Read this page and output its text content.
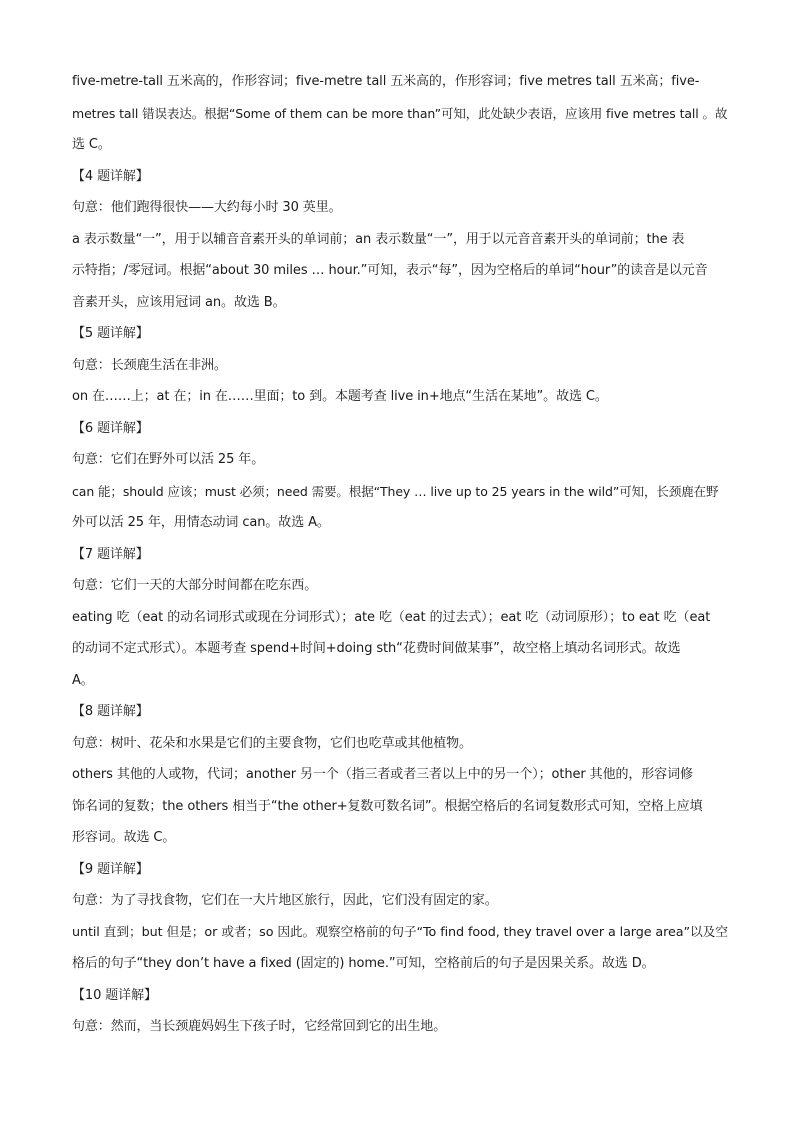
five-metre-tall 五米高的，作形容词；five-metre tall 五米高的，作形容词；five metres tall 五米高；five-
metres tall 错误表达。根据“Some of them can be more than”可知，此处缺少表语，应该用 five metres tall 。故
选 C。
【4 题详解】
句意：他们跑得很快——大约每小时 30 英里。
a 表示数量“一”，用于以辅音音素开头的单词前；an 表示数量“一”，用于以元音音素开头的单词前；the 表
示特指；/零冠词。根据“about 30 miles … hour.”可知，表示“每”，因为空格后的单词“hour”的读音是以元音
音素开头，应该用冠词 an。故选 B。
【5 题详解】
句意：长颈鹿生活在非洲。
on 在……上；at 在；in 在……里面；to 到。本题考查 live in+地点“生活在某地”。故选 C。
【6 题详解】
句意：它们在野外可以活 25 年。
can 能；should 应该；must 必须；need 需要。根据“They … live up to 25 years in the wild”可知，长颈鹿在野
外可以活 25 年，用情态动词 can。故选 A。
【7 题详解】
句意：它们一天的大部分时间都在吃东西。
eating 吃（eat 的动名词形式或现在分词形式）；ate 吃（eat 的过去式）；eat 吃（动词原形）；to eat 吃（eat
的动词不定式形式）。本题考查 spend+时间+doing sth“花费时间做某事”，故空格上填动名词形式。故选
A。
【8 题详解】
句意：树叶、花朵和水果是它们的主要食物，它们也吃草或其他植物。
others 其他的人或物，代词；another 另一个（指三者或者三者以上中的另一个）；other 其他的，形容词修
饰名词的复数；the others 相当于“the other+复数可数名词”。根据空格后的名词复数形式可知，空格上应填
形容词。故选 C。
【9 题详解】
句意：为了寻找食物，它们在一大片地区旅行，因此，它们没有固定的家。
until 直到；but 但是；or 或者；so 因此。观察空格前的句子“To find food, they travel over a large area”以及空
格后的句子“they don’t have a fixed (固定的) home.”可知，空格前后的句子是因果关系。故选 D。
【10 题详解】
句意：然而，当长颈鹿妈妈生下孩子时，它经常回到它的出生地。
